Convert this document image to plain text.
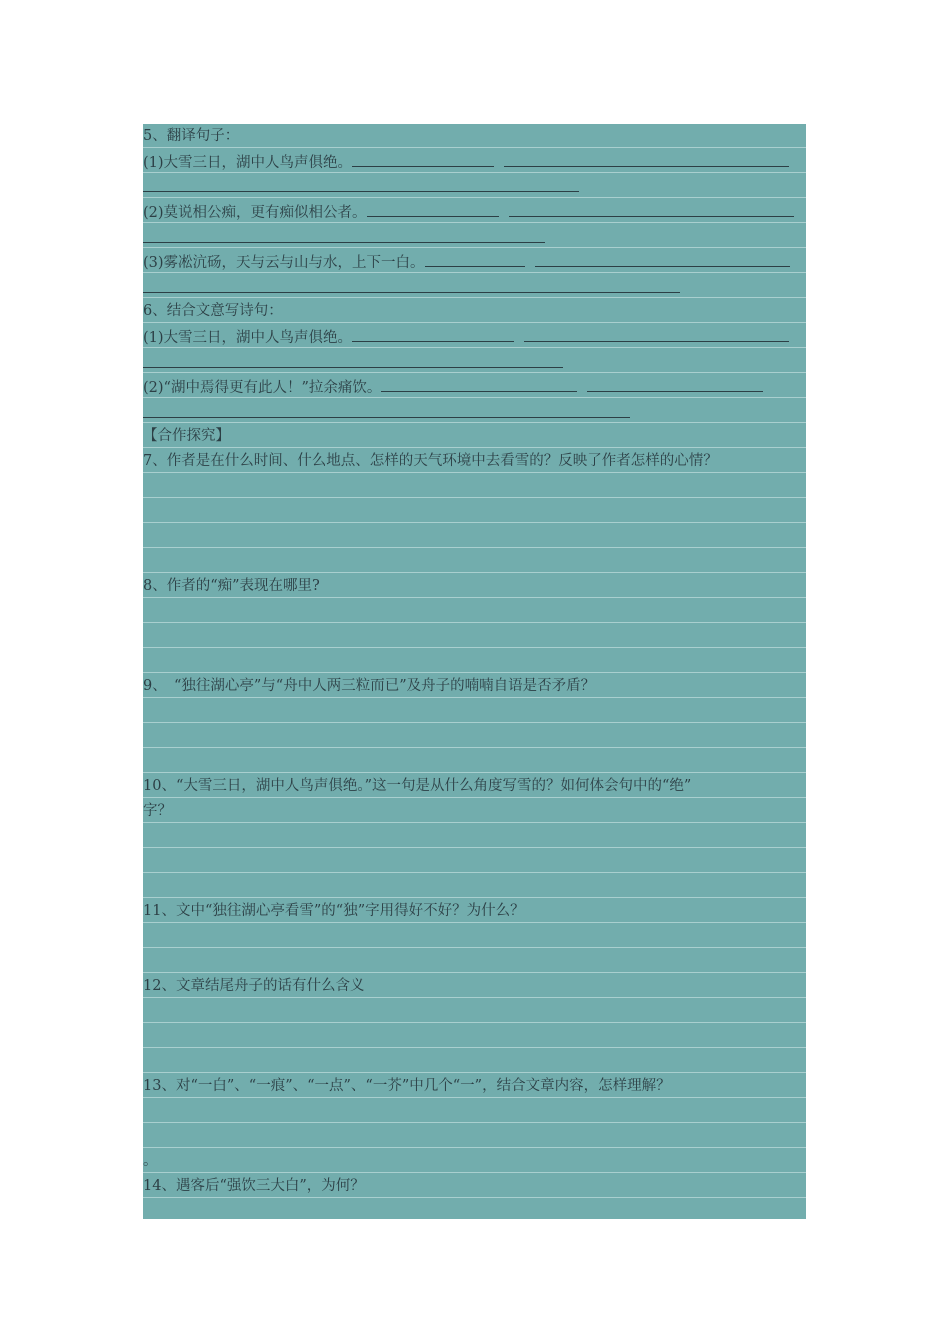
5、翻译句子：
(1)大雪三日，湖中人鸟声俱绝。
(2)莫说相公痴，更有痴似相公者。
(3)雾凇沆砀，天与云与山与水，上下一白。
6、结合文意写诗句：
(1)大雪三日，湖中人鸟声俱绝。
(2)“湖中焉得更有此人！”拉余痛饮。
【合作探究】
7、作者是在什么时间、什么地点、怎样的天气环境中去看雪的？反映了作者怎样的心情？
8、作者的“痴”表现在哪里?
9、　“独往湖心亭”与“舟中人两三粒而已”及舟子的喃喃自语是否矛盾？
10、“大雪三日，湖中人鸟声俱绝。”这一句是从什么角度写雪的？如何体会句中的“绝”
字？
11、文中“独往湖心亭看雪”的“独”字用得好不好？为什么？
12、文章结尾舟子的话有什么含义
13、对“一白”、“一痕”、“一点”、“一芥”中几个“一”，结合文章内容，怎样理解？
。
14、遇客后“强饮三大白”，为何？
